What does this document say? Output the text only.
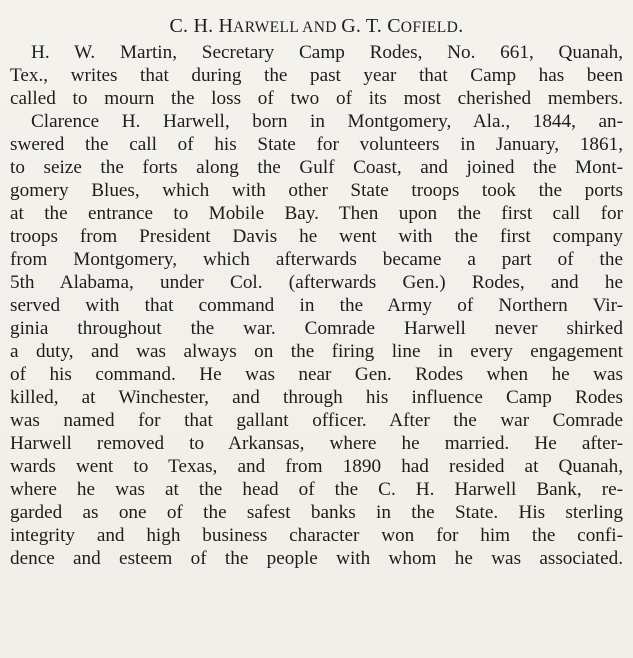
C. H. HARWELL AND G. T. COFIELD.
H. W. Martin, Secretary Camp Rodes, No. 661, Quanah,
Tex., writes that during the past year that Camp has been
called to mourn the loss of two of its most cherished members.
Clarence H. Harwell, born in Montgomery, Ala., 1844, an-
swered the call of his State for volunteers in January, 1861,
to seize the forts along the Gulf Coast, and joined the Mont-
gomery Blues, which with other State troops took the ports
at the entrance to Mobile Bay. Then upon the first call for
troops from President Davis he went with the first company
from Montgomery, which afterwards became a part of the
5th Alabama, under Col. (afterwards Gen.) Rodes, and he
served with that command in the Army of Northern Vir-
ginia throughout the war. Comrade Harwell never shirked
a duty, and was always on the firing line in every engagement
of his command. He was near Gen. Rodes when he was
killed, at Winchester, and through his influence Camp Rodes
was named for that gallant officer. After the war Comrade
Harwell removed to Arkansas, where he married. He after-
wards went to Texas, and from 1890 had resided at Quanah,
where he was at the head of the C. H. Harwell Bank, re-
garded as one of the safest banks in the State. His sterling
integrity and high business character won for him the confi-
dence and esteem of the people with whom he was associated.
